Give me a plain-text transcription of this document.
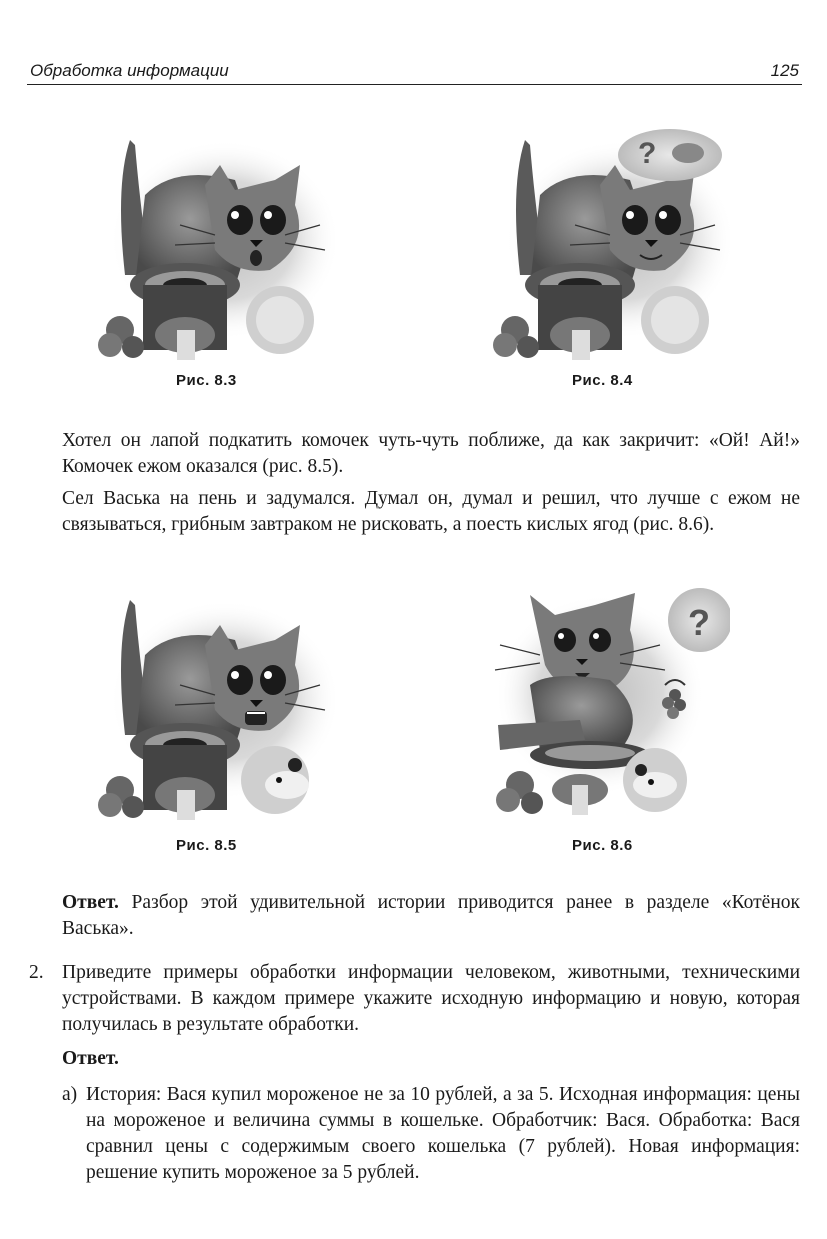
Обработка информации	125
Рис. 8.3
?
Рис. 8.4

Хотел он лапой подкатить комочек чуть-чуть поближе, да как закричит: «Ой! Ай!» Комочек ежом оказался (рис. 8.5).

Сел Васька на пень и задумался. Думал он, думал и решил, что лучше с ежом не связываться, грибным завтраком не рисковать, а поесть кислых ягод (рис. 8.6).

Рис. 8.5
?
Рис. 8.6

Ответ. Разбор этой удивительной истории приводится ранее в разделе «Котёнок Васька».

2. Приведите примеры обработки информации человеком, животными, техническими устройствами. В каждом примере укажите исходную информацию и новую, которая получилась в результате обработки.

Ответ.

а) История: Вася купил мороженое не за 10 рублей, а за 5. Исходная информация: цены на мороженое и величина суммы в кошельке. Обработчик: Вася. Обработка: Вася сравнил цены с содержимым своего кошелька (7 рублей). Новая информация: решение купить мороженое за 5 рублей.
